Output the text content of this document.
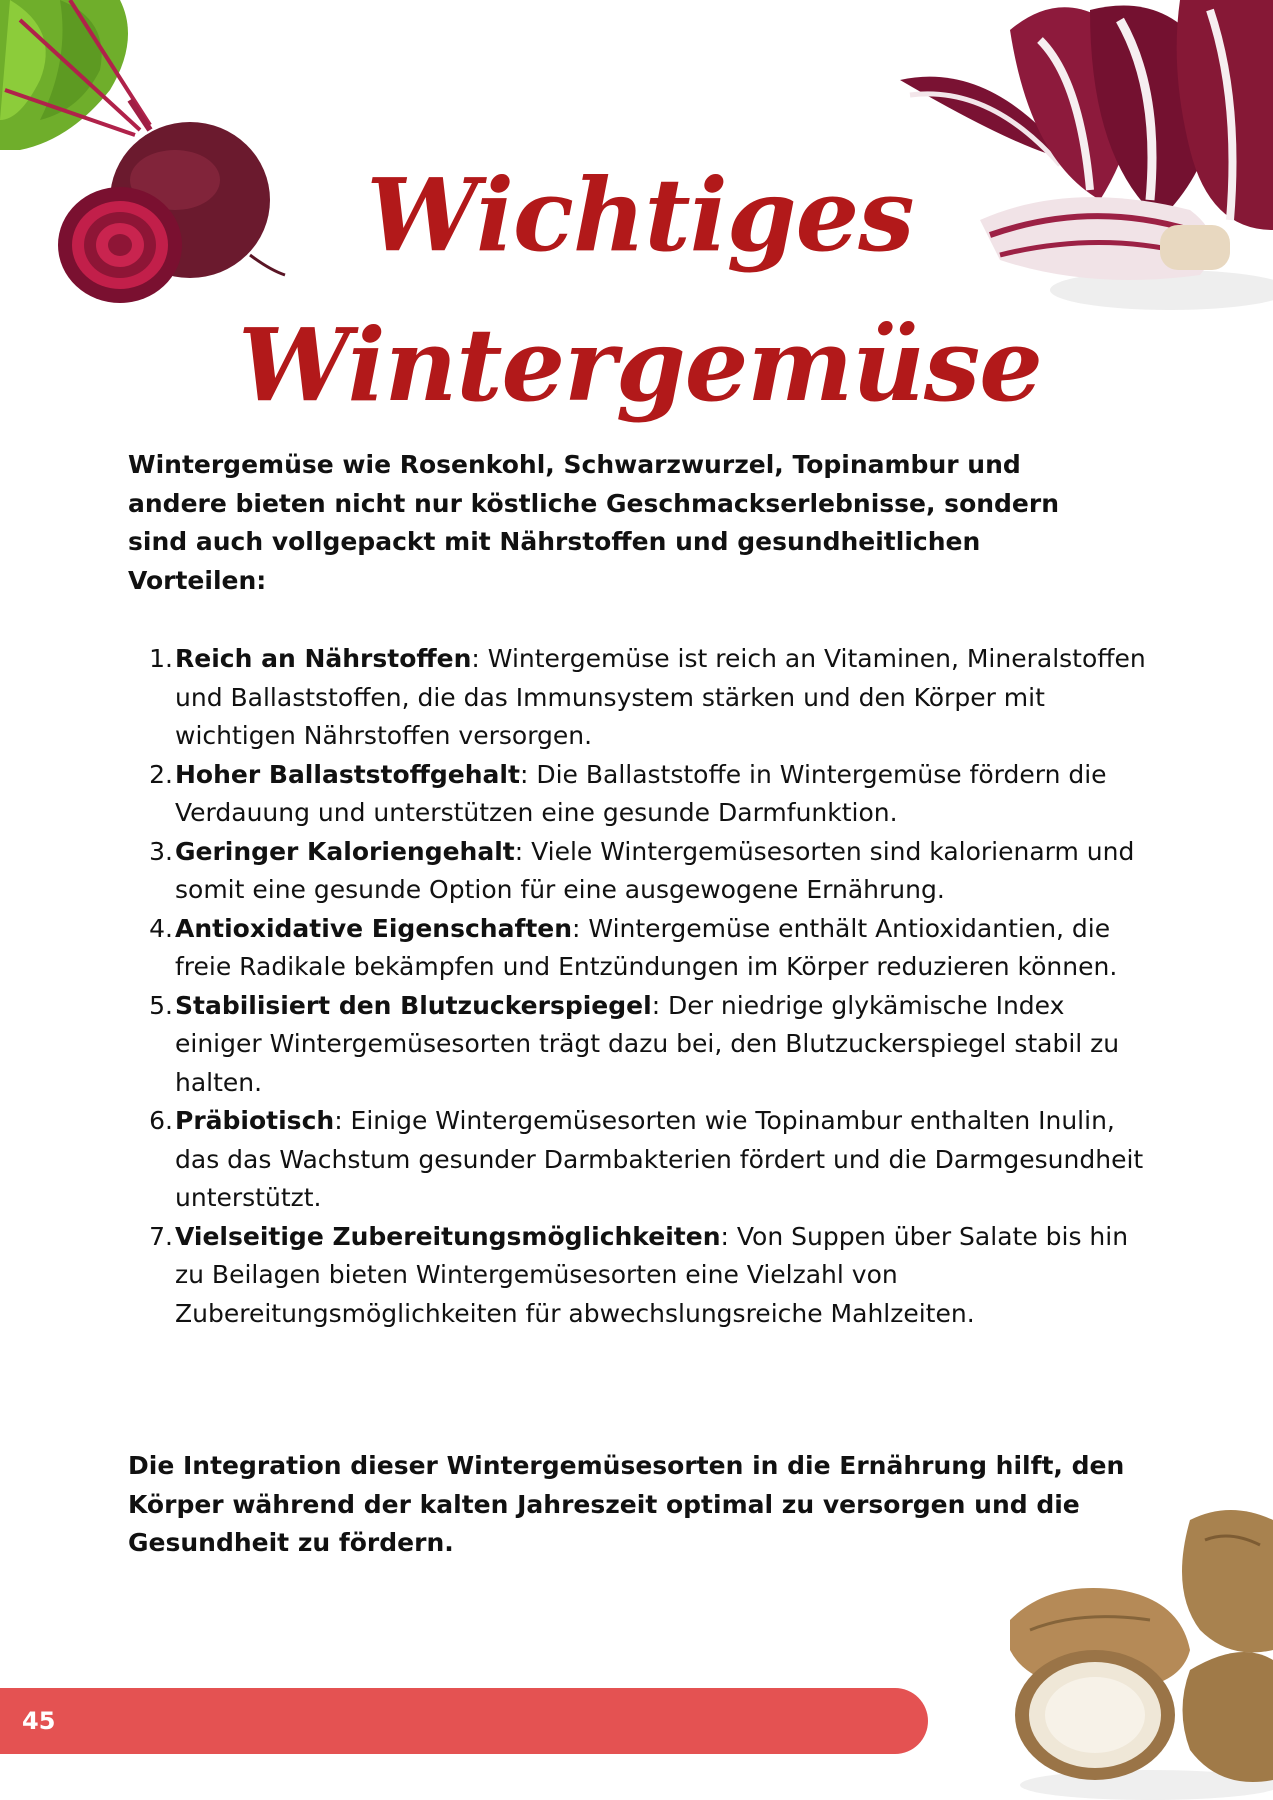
Wichtiges
Wintergemüse

Wintergemüse wie Rosenkohl, Schwarzwurzel, Topinambur und andere bieten nicht nur köstliche Geschmackserlebnisse, sondern sind auch vollgepackt mit Nährstoffen und gesundheitlichen Vorteilen:

1. Reich an Nährstoffen: Wintergemüse ist reich an Vitaminen, Mineralstoffen und Ballaststoffen, die das Immunsystem stärken und den Körper mit wichtigen Nährstoffen versorgen.
2. Hoher Ballaststoffgehalt: Die Ballaststoffe in Wintergemüse fördern die Verdauung und unterstützen eine gesunde Darmfunktion.
3. Geringer Kaloriengehalt: Viele Wintergemüsesorten sind kalorienarm und somit eine gesunde Option für eine ausgewogene Ernährung.
4. Antioxidative Eigenschaften: Wintergemüse enthält Antioxidantien, die freie Radikale bekämpfen und Entzündungen im Körper reduzieren können.
5. Stabilisiert den Blutzuckerspiegel: Der niedrige glykämische Index einiger Wintergemüsesorten trägt dazu bei, den Blutzuckerspiegel stabil zu halten.
6. Präbiotisch: Einige Wintergemüsesorten wie Topinambur enthalten Inulin, das das Wachstum gesunder Darmbakterien fördert und die Darmgesundheit unterstützt.
7. Vielseitige Zubereitungsmöglichkeiten: Von Suppen über Salate bis hin zu Beilagen bieten Wintergemüsesorten eine Vielzahl von Zubereitungsmöglichkeiten für abwechslungsreiche Mahlzeiten.

Die Integration dieser Wintergemüsesorten in die Ernährung hilft, den Körper während der kalten Jahreszeit optimal zu versorgen und die Gesundheit zu fördern.

45
